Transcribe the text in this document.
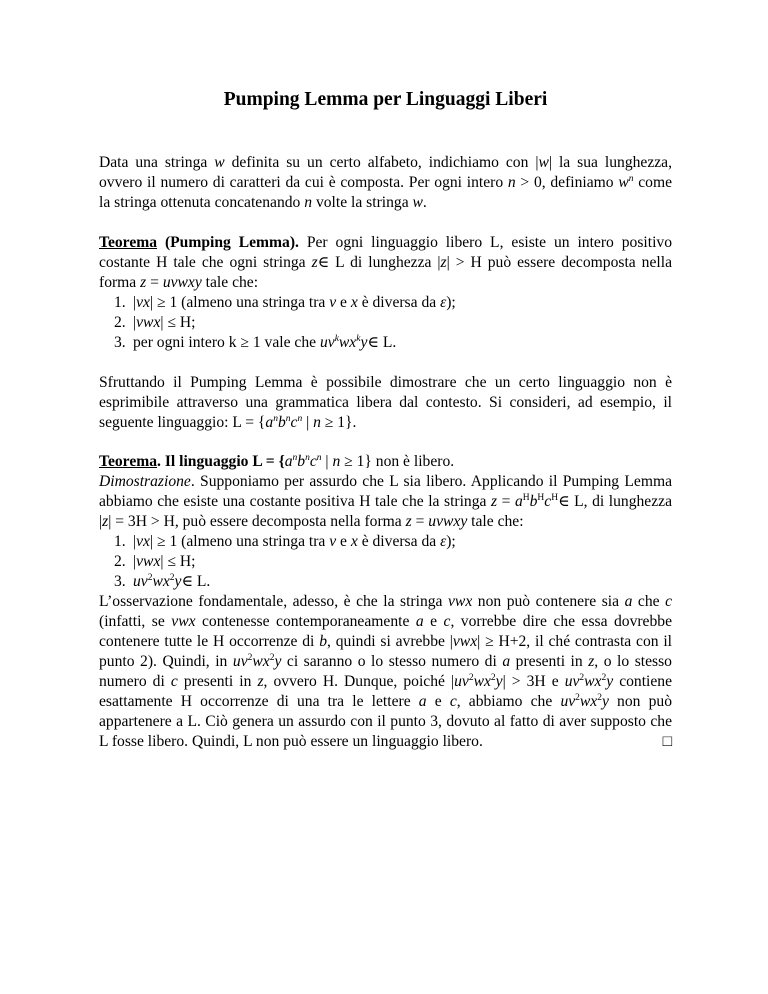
Pumping Lemma per Linguaggi Liberi

Data una stringa w definita su un certo alfabeto, indichiamo con |w| la sua lunghezza, ovvero il numero di caratteri da cui è composta. Per ogni intero n > 0, definiamo $w^n$ come la stringa ottenuta concatenando n volte la stringa w.

Teorema (Pumping Lemma). Per ogni linguaggio libero L, esiste un intero positivo costante H tale che ogni stringa z∈ L di lunghezza |z| > H può essere decomposta nella forma z = uvwxy tale che:

1. |vx| ≥ 1 (almeno una stringa tra v e x è diversa da ε);
2. |vwx| ≤ H;
3. per ogni intero k ≥ 1 vale che $uv^kwx^ky\in$ L.

Sfruttando il Pumping Lemma è possibile dimostrare che un certo linguaggio non è esprimibile attraverso una grammatica libera dal contesto. Si consideri, ad esempio, il seguente linguaggio: $L = \{a^nb^nc^n$ | n ≥ 1}.

Teorema. Il linguaggio $L = \{a^nb^nc^n$ | n ≥ 1} non è libero.

Dimostrazione. Supponiamo per assurdo che L sia libero. Applicando il Pumping Lemma abbiamo che esiste una costante positiva H tale che la stringa $z = a^Hb^Hc^H\in$ L, di lunghezza |z| = 3H > H, può essere decomposta nella forma z = uvwxy tale che:

1. |vx| ≥ 1 (almeno una stringa tra v e x è diversa da ε);
2. |vwx| ≤ H;
3. $uv^2wx^2y\in$ L.

L’osservazione fondamentale, adesso, è che la stringa vwx non può contenere sia a che c (infatti, se vwx contenesse contemporaneamente a e c, vorrebbe dire che essa dovrebbe contenere tutte le H occorrenze di b, quindi si avrebbe |vwx| ≥ H+2, il ché contrasta con il punto 2). Quindi, in $uv^2wx^2y$ ci saranno o lo stesso numero di a presenti in z, o lo stesso numero di c presenti in z, ovvero H. Dunque, poiché $|uv^2wx^2y| > 3H$ e $uv^2wx^2y$ contiene esattamente H occorrenze di una tra le lettere a e c, abbiamo che $uv^2wx^2y$ non può appartenere a L. Ciò genera un assurdo con il punto 3, dovuto al fatto di aver supposto che L fosse libero. Quindi, L non può essere un linguaggio libero.	□
